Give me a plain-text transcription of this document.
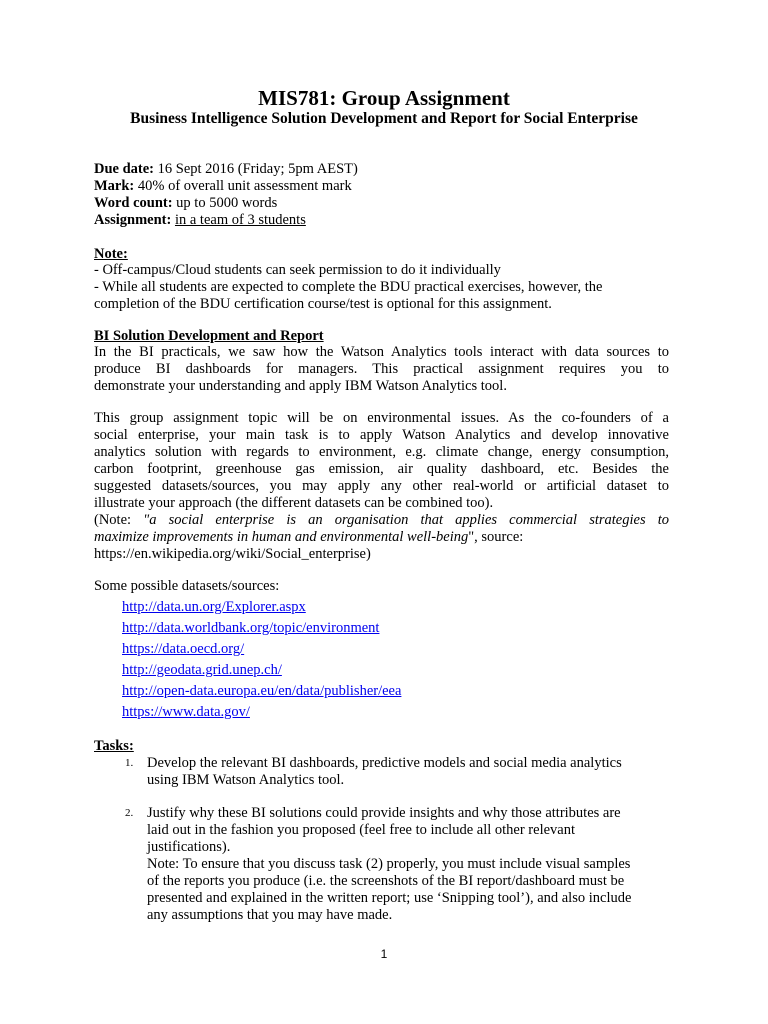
MIS781: Group Assignment
Business Intelligence Solution Development and Report for Social Enterprise
Due date: 16 Sept 2016 (Friday; 5pm AEST)
Mark: 40% of overall unit assessment mark
Word count: up to 5000 words
Assignment: in a team of 3 students
Note:
- Off-campus/Cloud students can seek permission to do it individually
- While all students are expected to complete the BDU practical exercises, however, the
completion of the BDU certification course/test is optional for this assignment.
BI Solution Development and Report
In the BI practicals, we saw how the Watson Analytics tools interact with data sources to
produce BI dashboards for managers. This practical assignment requires you to
demonstrate your understanding and apply IBM Watson Analytics tool.
This group assignment topic will be on environmental issues. As the co-founders of a
social enterprise, your main task is to apply Watson Analytics and develop innovative
analytics solution with regards to environment, e.g. climate change, energy consumption,
carbon footprint, greenhouse gas emission, air quality dashboard, etc. Besides the
suggested datasets/sources, you may apply any other real-world or artificial dataset to
illustrate your approach (the different datasets can be combined too).
(Note: "a social enterprise is an organisation that applies commercial strategies to
maximize improvements in human and environmental well-being", source:
https://en.wikipedia.org/wiki/Social_enterprise)
Some possible datasets/sources:
http://data.un.org/Explorer.aspx
http://data.worldbank.org/topic/environment
https://data.oecd.org/
http://geodata.grid.unep.ch/
http://open-data.europa.eu/en/data/publisher/eea
https://www.data.gov/
Tasks:
1. Develop the relevant BI dashboards, predictive models and social media analytics
using IBM Watson Analytics tool.
2. Justify why these BI solutions could provide insights and why those attributes are
laid out in the fashion you proposed (feel free to include all other relevant
justifications).
Note: To ensure that you discuss task (2) properly, you must include visual samples
of the reports you produce (i.e. the screenshots of the BI report/dashboard must be
presented and explained in the written report; use ‘Snipping tool’), and also include
any assumptions that you may have made.
1
